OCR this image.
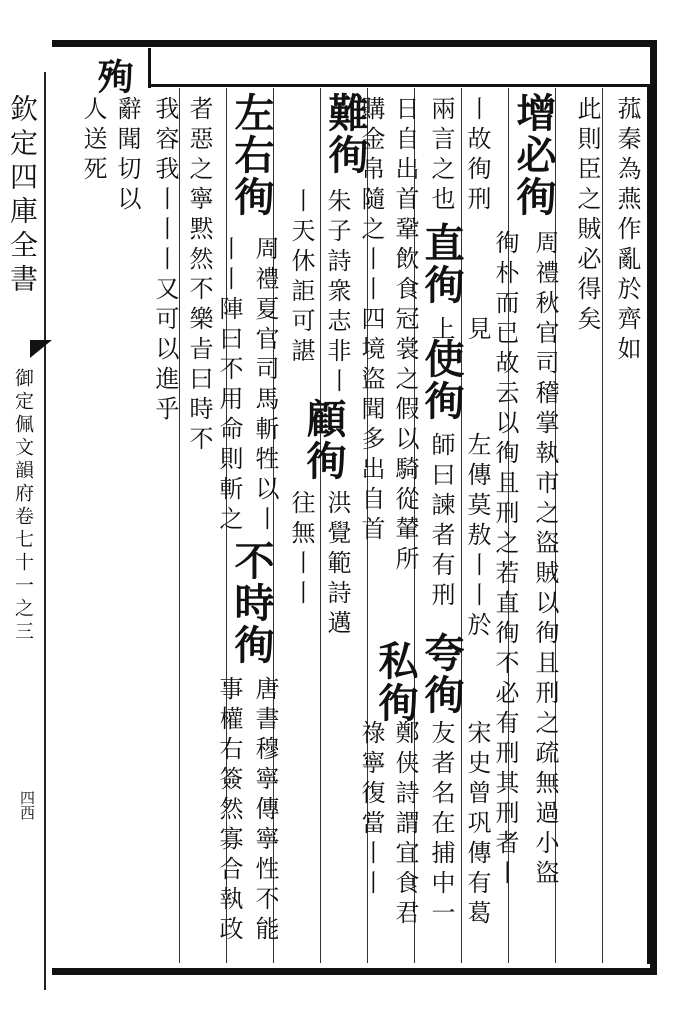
欽定四庫全書
御定佩文韻府卷七十一之三
四西
殉
菰秦為燕作亂於齊如
此則臣之賊必得矣
增必徇
周禮秋官司稽掌執市之盜賊以徇且刑之疏無過小盜
徇朴而已故云以徇且刑之若直徇不必有刑其刑者丨
丨故徇刑
直徇
見
使徇
左傳莫敖丨丨於
夸徇
宋史曾巩傳有葛
兩言之也
上
師曰諫者有刑
友者名在捕中一
日自出首鞏飲食冠裳之假以騎從輦所
私徇
鄭侠詩謂宜食君
購金帛隨之丨丨四境盜聞多出自首
祿寧復當丨丨
難徇
朱子詩衆志非丨
顧徇
洪覺範詩邁
丨天休詎可諶
往無丨丨
左右徇
周禮夏官司馬斬牲以丨
不時徇
唐書穆寧傳寧性不能
丨丨陣曰不用命則斬之
事權右簽然寡合執政
者惡之寧黙然不樂㫖曰時不
我容我丨丨丨又可以進乎
辭聞切以
人送死
